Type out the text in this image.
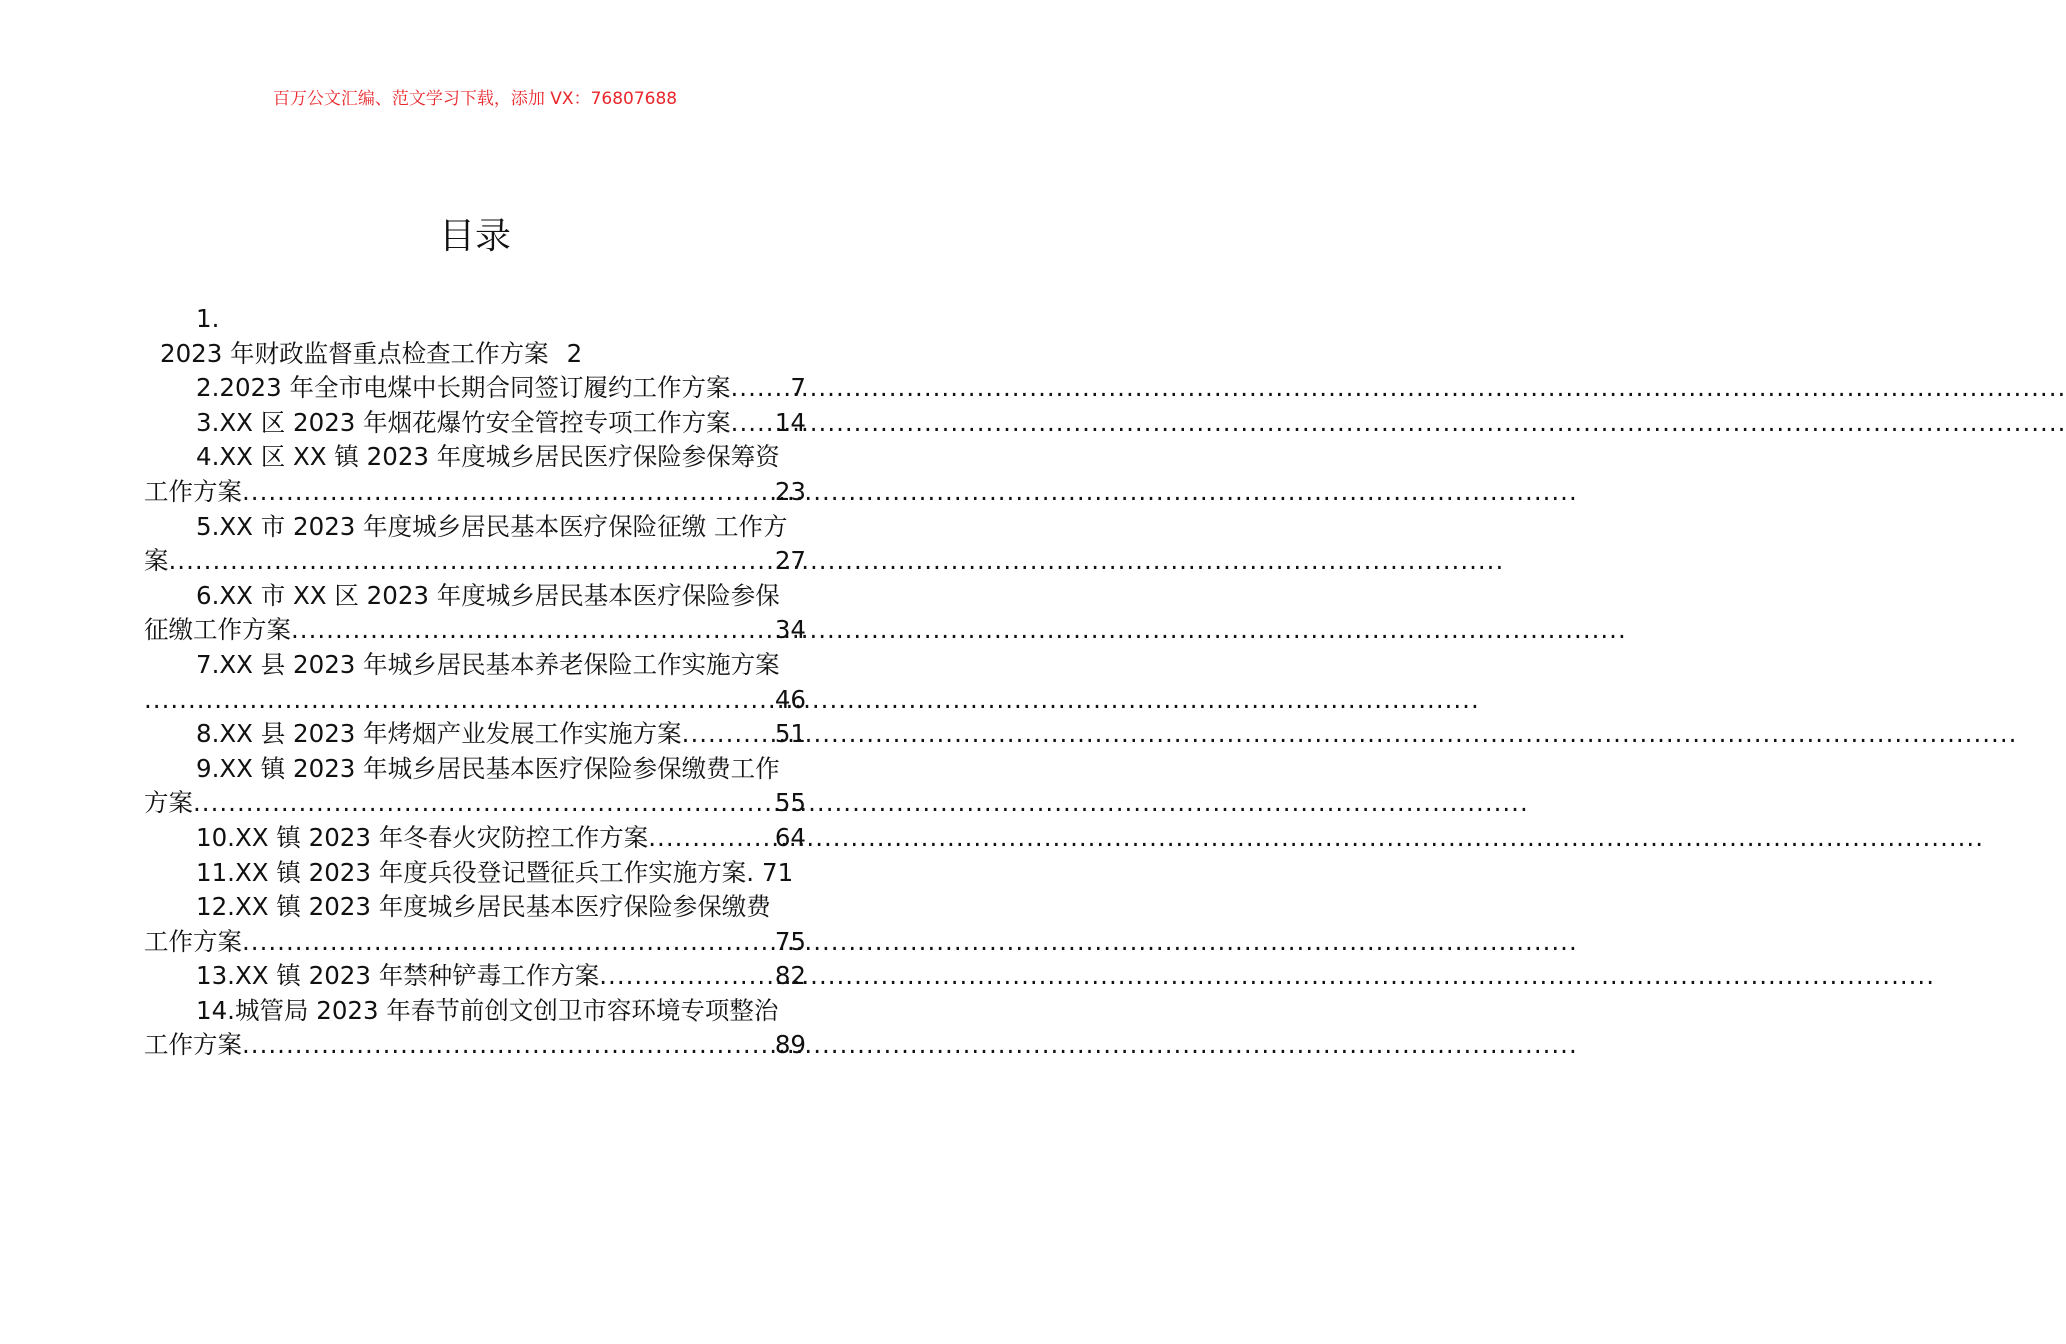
百万公文汇编、范文学习下载，添加 VX：76807688
目录
1.
2023 年财政监督重点检查工作方案 2
2.2023 年全市电煤中长期合同签订履约工作方案 ..... 7
3.XX 区 2023 年烟花爆竹安全管控专项工作方案 ..... 14
4.XX 区 XX 镇 2023 年度城乡居民医疗保险参保筹资
工作方案 .....	23
5.XX 市 2023 年度城乡居民基本医疗保险征缴 工作方
案 .....	27
6.XX 市 XX 区 2023 年度城乡居民基本医疗保险参保
征缴工作方案 .....	34
7.XX 县 2023 年城乡居民基本养老保险工作实施方案
.....
46
8.XX 县 2023 年烤烟产业发展工作实施方案 .....	51
9.XX 镇 2023 年城乡居民基本医疗保险参保缴费工作
方案 .....	55
10.XX 镇 2023 年冬春火灾防控工作方案 .....	64
11.XX 镇 2023 年度兵役登记暨征兵工作实施方案. 71
12.XX 镇 2023 年度城乡居民基本医疗保险参保缴费
工作方案 .....	75
13.XX 镇 2023 年禁种铲毒工作方案 .....	82
14.城管局 2023 年春节前创文创卫市容环境专项整治
工作方案 .....	89
